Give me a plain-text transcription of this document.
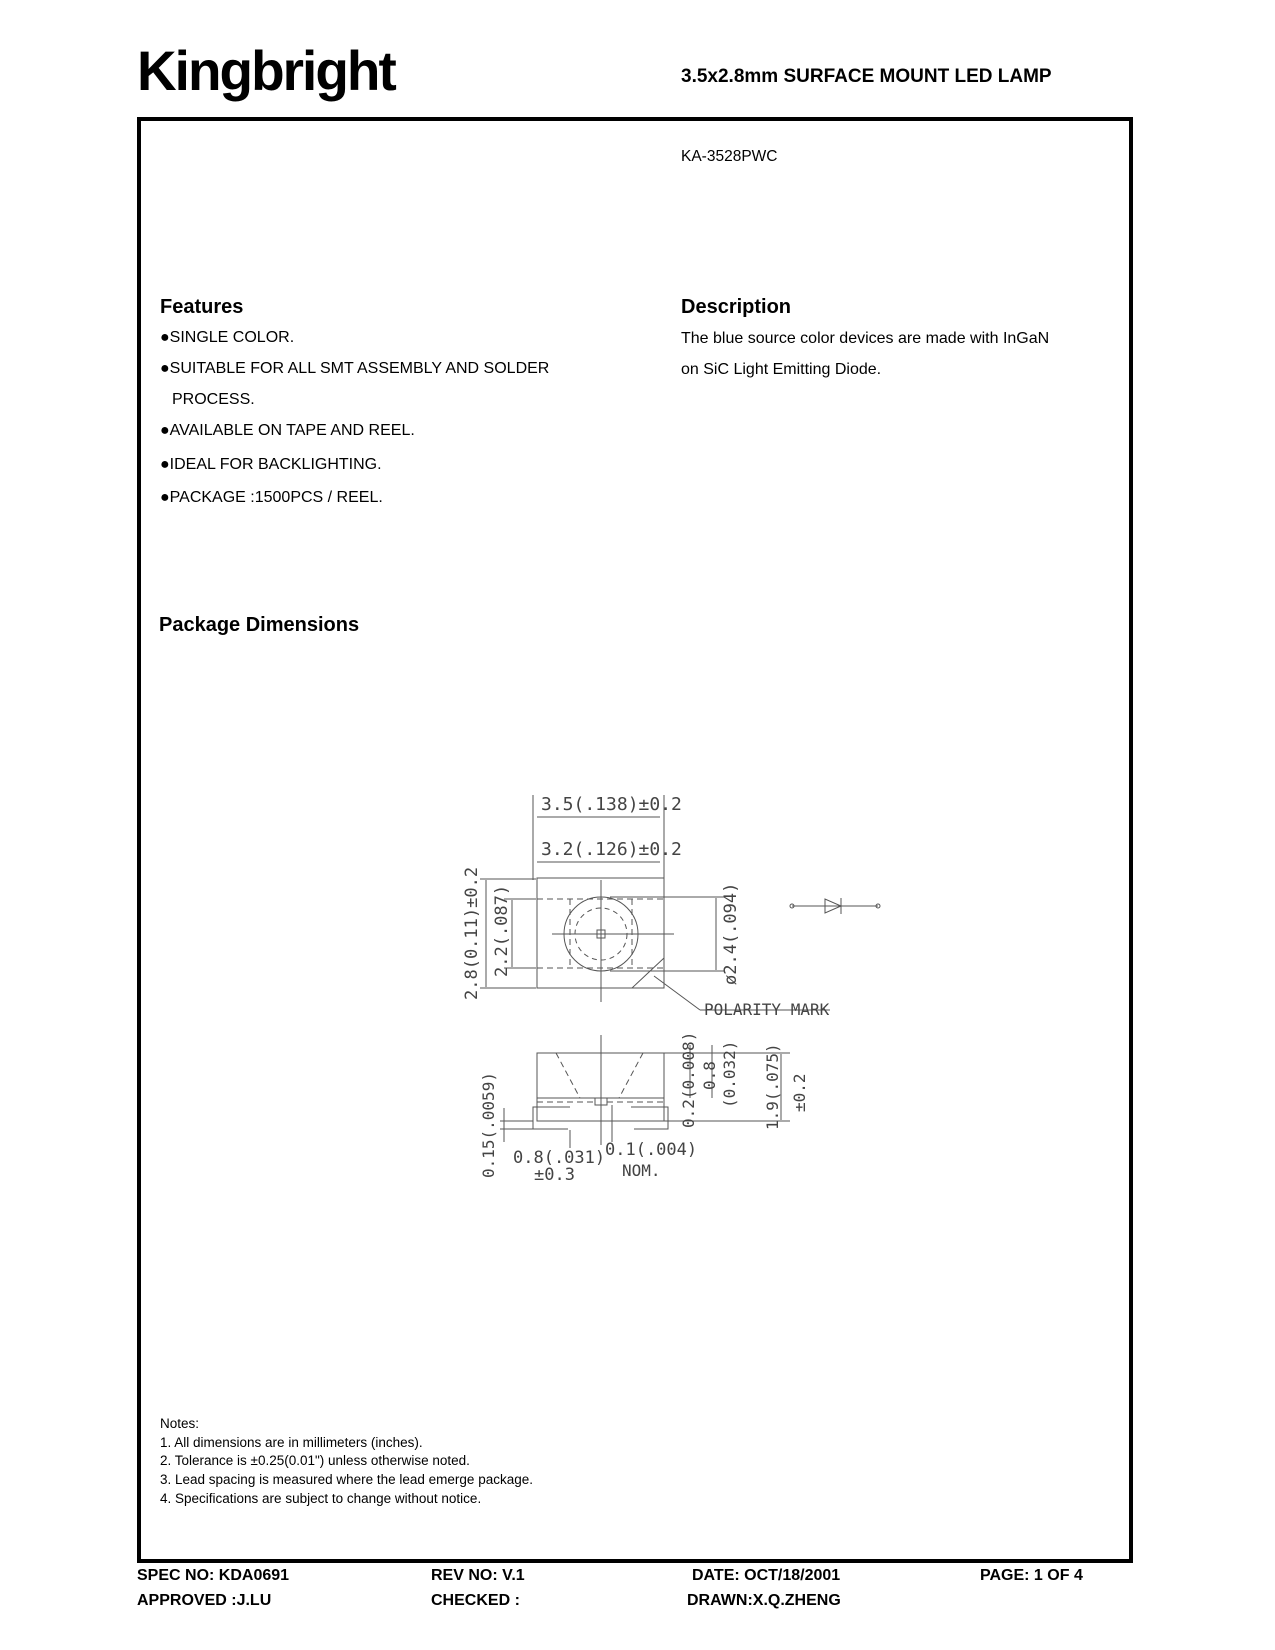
Kingbright	3.5x2.8mm SURFACE MOUNT LED LAMP
KA-3528PWC
Features
●SINGLE COLOR.
●SUITABLE FOR ALL SMT ASSEMBLY AND SOLDER
PROCESS.
●AVAILABLE ON TAPE AND REEL.
●IDEAL FOR BACKLIGHTING.
●PACKAGE :1500PCS / REEL.
Description
The blue source color devices are made with InGaN
on SiC Light Emitting Diode.
Package Dimensions
3.5(.138)±0.2
3.2(.126)±0.2
2.8(0.11)±0.2 2.2(.087)	ø2.4(.094)
POLARITY MARK
0.2(0.008) 0.8 (0.032) 1.9(.075) ±0.2
0.15(.0059) 0.8(.031)
±0.3
0.1(.004)
NOM.
Notes:
1. All dimensions are in millimeters (inches).
2. Tolerance is ±0.25(0.01") unless otherwise noted.
3. Lead spacing is measured where the lead emerge package.
4. Specifications are subject to change without notice.
SPEC NO: KDA0691	REV NO: V.1	DATE: OCT/18/2001	PAGE: 1 OF 4
APPROVED :J.LU	CHECKED :	DRAWN:X.Q.ZHENG
